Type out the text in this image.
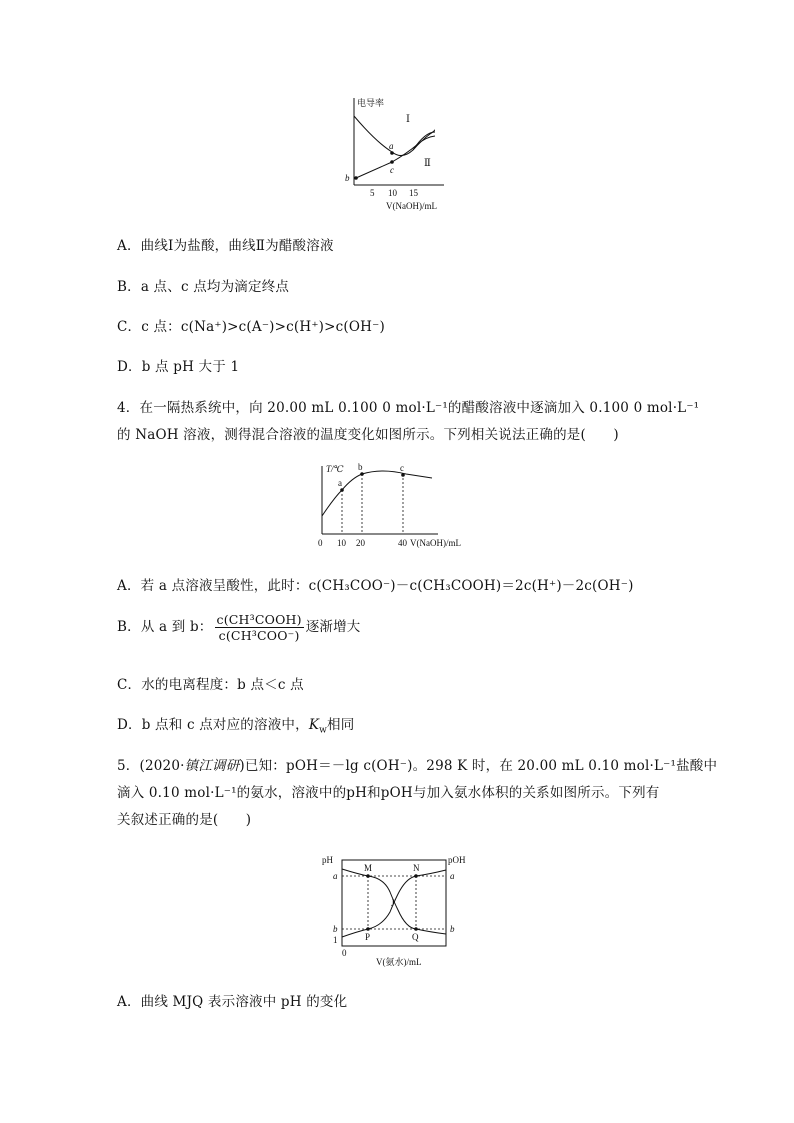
电导率
a
b
c
Ⅰ
Ⅱ
5 10 15
V(NaOH)/mL
A．曲线Ⅰ为盐酸，曲线Ⅱ为醋酸溶液
B．a 点、c 点均为滴定终点
C．c 点：c(Na⁺)>c(A⁻)>c(H⁺)>c(OH⁻)
D．b 点 pH 大于 1
4．在一隔热系统中，向 20.00 mL 0.100 0 mol·L⁻¹的醋酸溶液中逐滴加入 0.100 0 mol·L⁻¹
的 NaOH 溶液，测得混合溶液的温度变化如图所示。下列相关说法正确的是(　　)
T/℃
a
b	c
0 10 20	40 V(NaOH)/mL
A．若 a 点溶液呈酸性，此时：c(CH₃COO⁻)－c(CH₃COOH)＝2c(H⁺)－2c(OH⁻)
B．从 a 到 b： $\frac{\text{c(CH³COOH)}}{\text{c(CH³COO⁻)}}$ 逐渐增大
C．水的电离程度：b 点＜c 点
D．b 点和 c 点对应的溶液中，$K_w$相同
5．(2020·镇江调研)已知：pOH＝－lg c(OH⁻)。298 K 时，在 20.00 mL 0.10 mol·L⁻¹盐酸中
滴入 0.10 mol·L⁻¹的氨水，溶液中的pH和pOH与加入氨水体积的关系如图所示。下列有
关叙述正确的是(　　)
pH	pOH
M	N
J
P	Q
a	a
b	b
1
0
V(氨水)/mL
A．曲线 MJQ 表示溶液中 pH 的变化
